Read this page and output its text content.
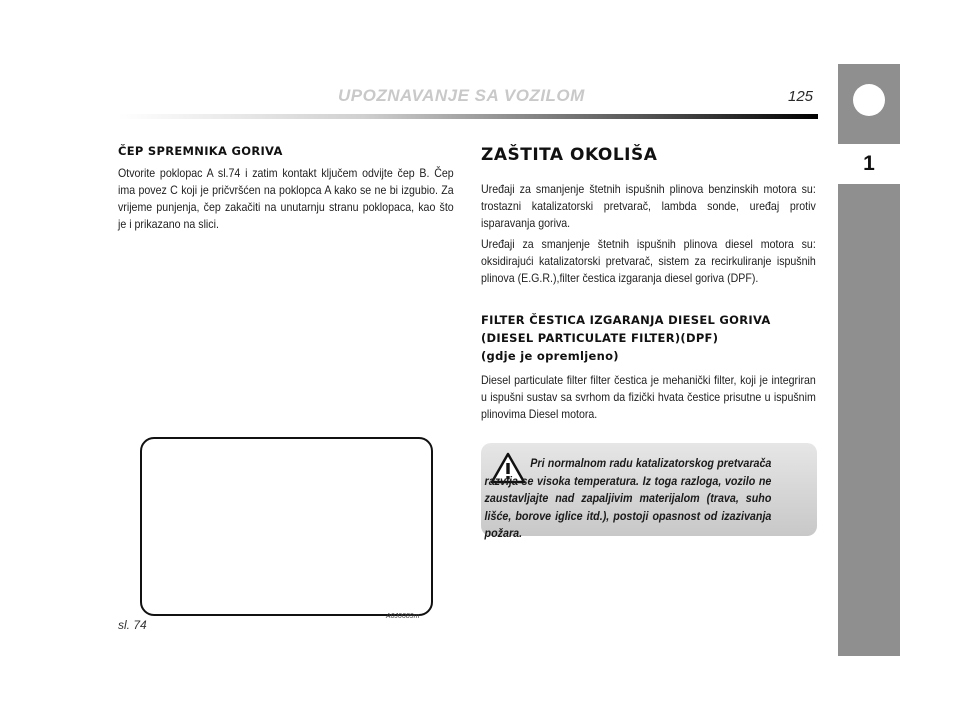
UPOZNAVANJE SA VOZILOM	125
1
ČEP SPREMNIKA GORIVA

Otvorite poklopac A sl.74 i zatim kontakt ključem odvijte čep B. Čep ima povez C koji je pričvršćen na poklopca A kako se ne bi izgubio. Za vrijeme punjenja, čep zakačiti na unutarnju stranu poklopaca, kao što je i prikazano na slici.

A0J0089m
sl. 74
ZAŠTITA OKOLIŠA

Uređaji za smanjenje štetnih ispušnih plinova benzinskih motora su: trostazni katalizatorski pretvarač, lambda sonde, uređaj protiv isparavanja goriva.

Uređaji za smanjenje štetnih ispušnih plinova diesel motora su: oksidirajući katalizatorski pretvarač, sistem za recirkuliranje ispušnih plinova (E.G.R.),filter čestica izgaranja diesel goriva (DPF).

FILTER ČESTICA IZGARANJA DIESEL GORIVA
(DIESEL PARTICULATE FILTER)(DPF)
(gdje je opremljeno)

Diesel particulate filter filter čestica je mehanički filter, koji je integriran u ispušni sustav sa svrhom da fizički hvata čestice prisutne u ispušnim plinovima Diesel motora.

Pri normalnom radu katalizatorskog pretvarača razvija se visoka temperatura. Iz toga razloga, vozilo ne zaustavljajte nad zapaljivim materijalom (trava, suho lišće, borove iglice itd.), postoji opasnost od izazivanja požara.
